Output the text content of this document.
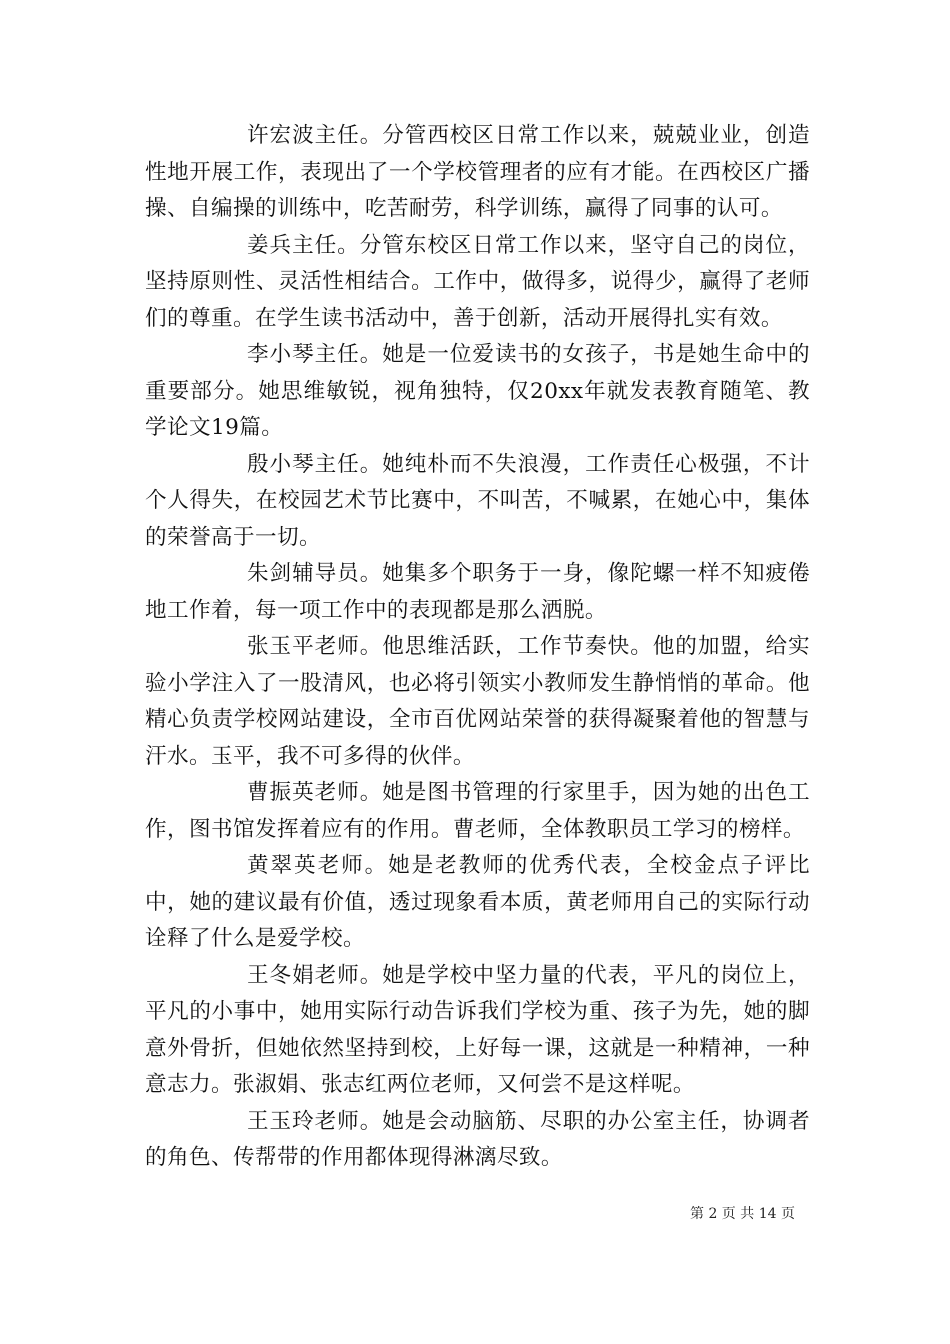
许宏波主任。分管西校区日常工作以来，兢兢业业，创造性地开展工作，表现出了一个学校管理者的应有才能。在西校区广播操、自编操的训练中，吃苦耐劳，科学训练，赢得了同事的认可。

姜兵主任。分管东校区日常工作以来，坚守自己的岗位，坚持原则性、灵活性相结合。工作中，做得多，说得少，赢得了老师们的尊重。在学生读书活动中，善于创新，活动开展得扎实有效。

李小琴主任。她是一位爱读书的女孩子，书是她生命中的重要部分。她思维敏锐，视角独特，仅20xx年就发表教育随笔、教学论文19篇。

殷小琴主任。她纯朴而不失浪漫，工作责任心极强，不计个人得失，在校园艺术节比赛中，不叫苦，不喊累，在她心中，集体的荣誉高于一切。

朱剑辅导员。她集多个职务于一身，像陀螺一样不知疲倦地工作着，每一项工作中的表现都是那么洒脱。

张玉平老师。他思维活跃，工作节奏快。他的加盟，给实验小学注入了一股清风，也必将引领实小教师发生静悄悄的革命。他精心负责学校网站建设，全市百优网站荣誉的获得凝聚着他的智慧与汗水。玉平，我不可多得的伙伴。

曹振英老师。她是图书管理的行家里手，因为她的出色工作，图书馆发挥着应有的作用。曹老师，全体教职员工学习的榜样。

黄翠英老师。她是老教师的优秀代表，全校金点子评比中，她的建议最有价值，透过现象看本质，黄老师用自己的实际行动诠释了什么是爱学校。

王冬娟老师。她是学校中坚力量的代表，平凡的岗位上，平凡的小事中，她用实际行动告诉我们学校为重、孩子为先，她的脚意外骨折，但她依然坚持到校，上好每一课，这就是一种精神，一种意志力。张淑娟、张志红两位老师，又何尝不是这样呢。

王玉玲老师。她是会动脑筋、尽职的办公室主任，协调者的角色、传帮带的作用都体现得淋漓尽致。

第 2 页 共 14 页
